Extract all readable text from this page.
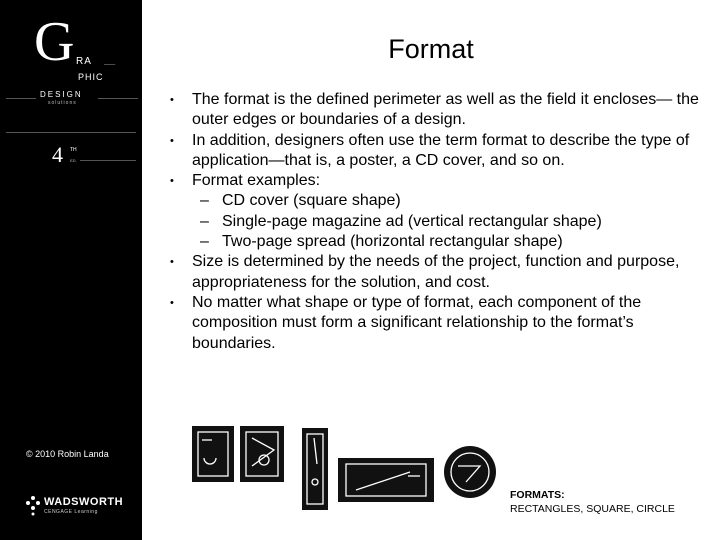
G RA ____
PHIC
DESIGN
solutions
4 TH
ED.
© 2010 Robin Landa
WADSWORTH
CENGAGE Learning
Format
• The format is the defined perimeter as well as the field it encloses— the outer edges or boundaries of a design.
• In addition, designers often use the term format to describe the type of application—that is, a poster, a CD cover, and so on.
• Format examples:
– CD cover (square shape)
– Single-page magazine ad (vertical rectangular shape)
– Two-page spread (horizontal rectangular shape)
• Size is determined by the needs of the project, function and purpose, appropriateness for the solution, and cost.
• No matter what shape or type of format, each component of the composition must form a significant relationship to the format’s boundaries.
FORMATS:
RECTANGLES, SQUARE, CIRCLE
